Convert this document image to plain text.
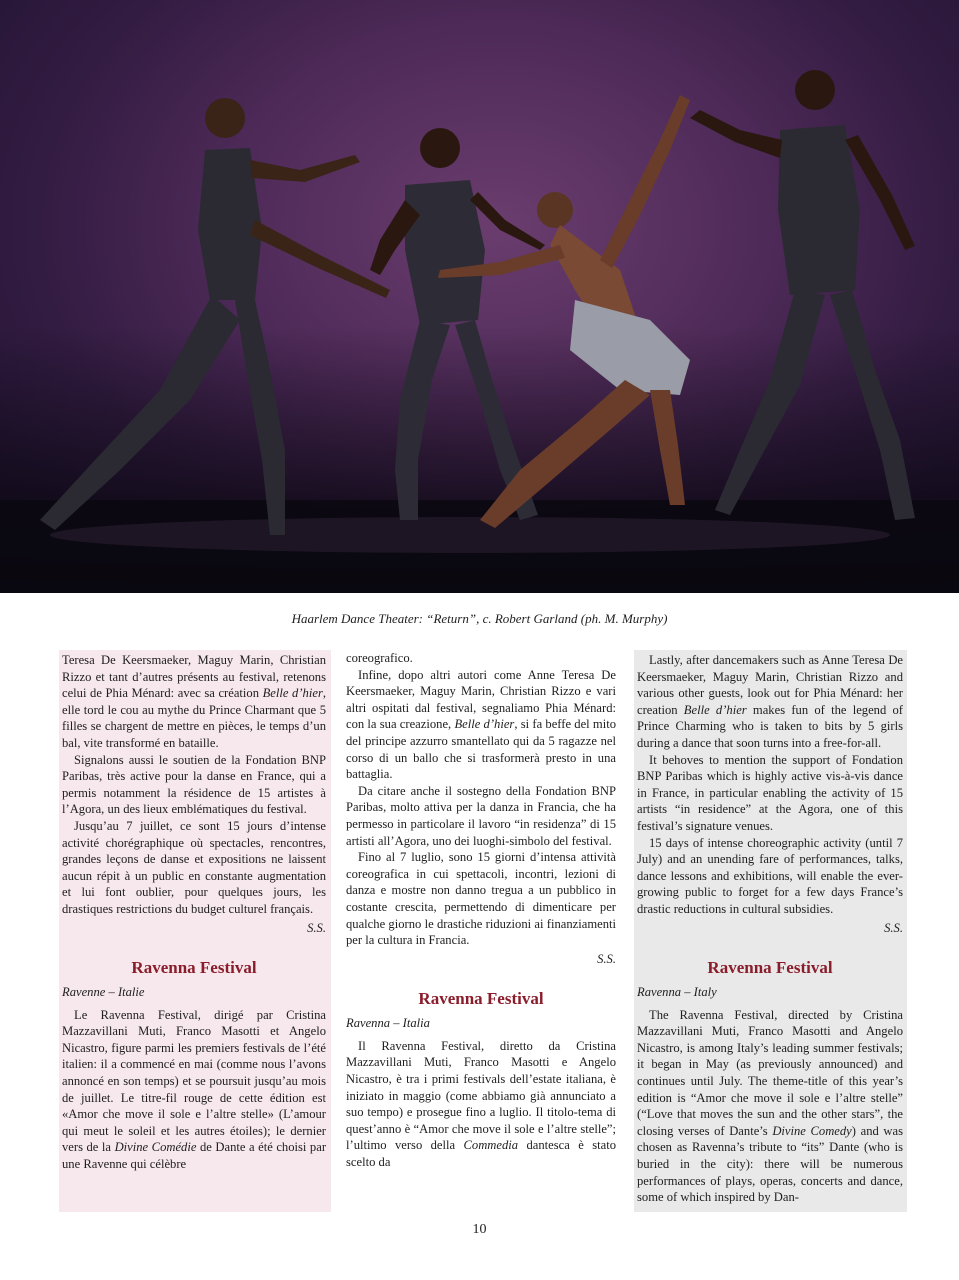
Haarlem Dance Theater: “Return”, c. Robert Garland (ph. M. Murphy)

Teresa De Keersmaeker, Maguy Marin, Christian Rizzo et tant d’autres présents au festival, retenons celui de Phia Ménard: avec sa création Belle d’hier, elle tord le cou au mythe du Prince Charmant que 5 filles se chargent de mettre en pièces, le temps d’un bal, vite transformé en bataille.

Signalons aussi le soutien de la Fondation BNP Paribas, très active pour la danse en France, qui a permis notamment la résidence de 15 artistes à l’Agora, un des lieux emblématiques du festival.

Jusqu’au 7 juillet, ce sont 15 jours d’intense activité chorégraphique où spectacles, rencontres, grandes leçons de danse et expositions ne laissent aucun répit à un public en constante augmentation et lui font oublier, pour quelques jours, les drastiques restrictions du budget culturel français.

S.S.
Ravenna Festival
Ravenne – Italie

Le Ravenna Festival, dirigé par Cristina Mazzavillani Muti, Franco Masotti et Angelo Nicastro, figure parmi les premiers festivals de l’été italien: il a commencé en mai (comme nous l’avons annoncé en son temps) et se poursuit jusqu’au mois de juillet. Le titre-fil rouge de cette édition est «Amor che move il sole e l’altre stelle» (L’amour qui meut le soleil et les autres étoiles); le dernier vers de la Divine Comédie de Dante a été choisi par une Ravenne qui célèbre

coreografico.

Infine, dopo altri autori come Anne Teresa De Keersmaeker, Maguy Marin, Christian Rizzo e vari altri ospitati dal festival, segnaliamo Phia Ménard: con la sua creazione, Belle d’hier, si fa beffe del mito del principe azzurro smantellato qui da 5 ragazze nel corso di un ballo che si trasformerà presto in una battaglia.

Da citare anche il sostegno della Fondation BNP Paribas, molto attiva per la danza in Francia, che ha permesso in particolare il lavoro “in residenza” di 15 artisti all’Agora, uno dei luoghi-simbolo del festival.

Fino al 7 luglio, sono 15 giorni d’intensa attività coreografica in cui spettacoli, incontri, lezioni di danza e mostre non danno tregua a un pubblico in costante crescita, permettendo di dimenticare per qualche giorno le drastiche riduzioni ai finanziamenti per la cultura in Francia.

S.S.
Ravenna Festival
Ravenna – Italia

Il Ravenna Festival, diretto da Cristina Mazzavillani Muti, Franco Masotti e Angelo Nicastro, è tra i primi festivals dell’estate italiana, è iniziato in maggio (come abbiamo già annunciato a suo tempo) e prosegue fino a luglio. Il titolo-tema di quest’anno è “Amor che move il sole e l’altre stelle”; l’ultimo verso della Commedia dantesca è stato scelto da

Lastly, after dancemakers such as Anne Teresa De Keersmaeker, Maguy Marin, Christian Rizzo and various other guests, look out for Phia Ménard: her creation Belle d’hier makes fun of the legend of Prince Charming who is taken to bits by 5 girls during a dance that soon turns into a free-for-all.

It behoves to mention the support of Fondation BNP Paribas which is highly active vis-à-vis dance in France, in particular enabling the activity of 15 artists “in residence” at the Agora, one of this festival’s signature venues.

15 days of intense choreographic activity (until 7 July) and an unending fare of performances, talks, dance lessons and exhibitions, will enable the ever-growing public to forget for a few days France’s drastic reductions in cultural subsidies.

S.S.
Ravenna Festival
Ravenna – Italy

The Ravenna Festival, directed by Cristina Mazzavillani Muti, Franco Masotti and Angelo Nicastro, is among Italy’s leading summer festivals; it began in May (as previously announced) and continues until July. The theme-title of this year’s edition is “Amor che move il sole e l’altre stelle” (“Love that moves the sun and the other stars”, the closing verses of Dante’s Divine Comedy) and was chosen as Ravenna’s tribute to “its” Dante (who is buried in the city): there will be numerous performances of plays, operas, concerts and dance, some of which inspired by Dan-

10
